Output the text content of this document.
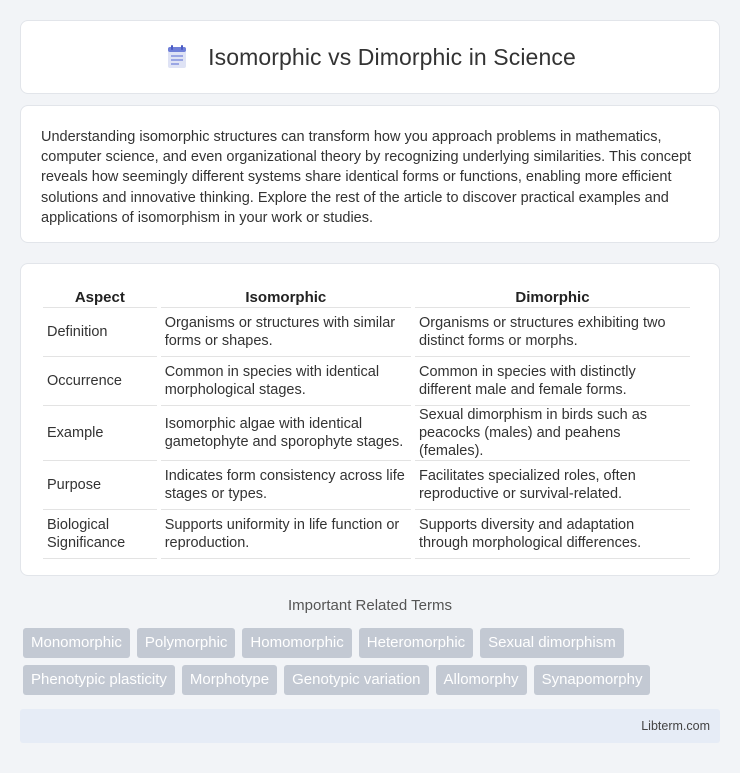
Isomorphic vs Dimorphic in Science

Understanding isomorphic structures can transform how you approach problems in mathematics, computer science, and even organizational theory by recognizing underlying similarities. This concept reveals how seemingly different systems share identical forms or functions, enabling more efficient solutions and innovative thinking. Explore the rest of the article to discover practical examples and applications of isomorphism in your work or studies.

Aspect	Isomorphic	Dimorphic
Definition	Organisms or structures with similar forms or shapes.	Organisms or structures exhibiting two distinct forms or morphs.
Occurrence	Common in species with identical morphological stages.	Common in species with distinctly different male and female forms.
Example	Isomorphic algae with identical gametophyte and sporophyte stages.	Sexual dimorphism in birds such as peacocks (males) and peahens (females).
Purpose	Indicates form consistency across life stages or types.	Facilitates specialized roles, often reproductive or survival-related.
Biological Significance	Supports uniformity in life function or reproduction.	Supports diversity and adaptation through morphological differences.
Important Related Terms
Monomorphic	Polymorphic	Homomorphic	Heteromorphic	Sexual dimorphism
Phenotypic plasticity	Morphotype	Genotypic variation	Allomorphy	Synapomorphy
Libterm.com
